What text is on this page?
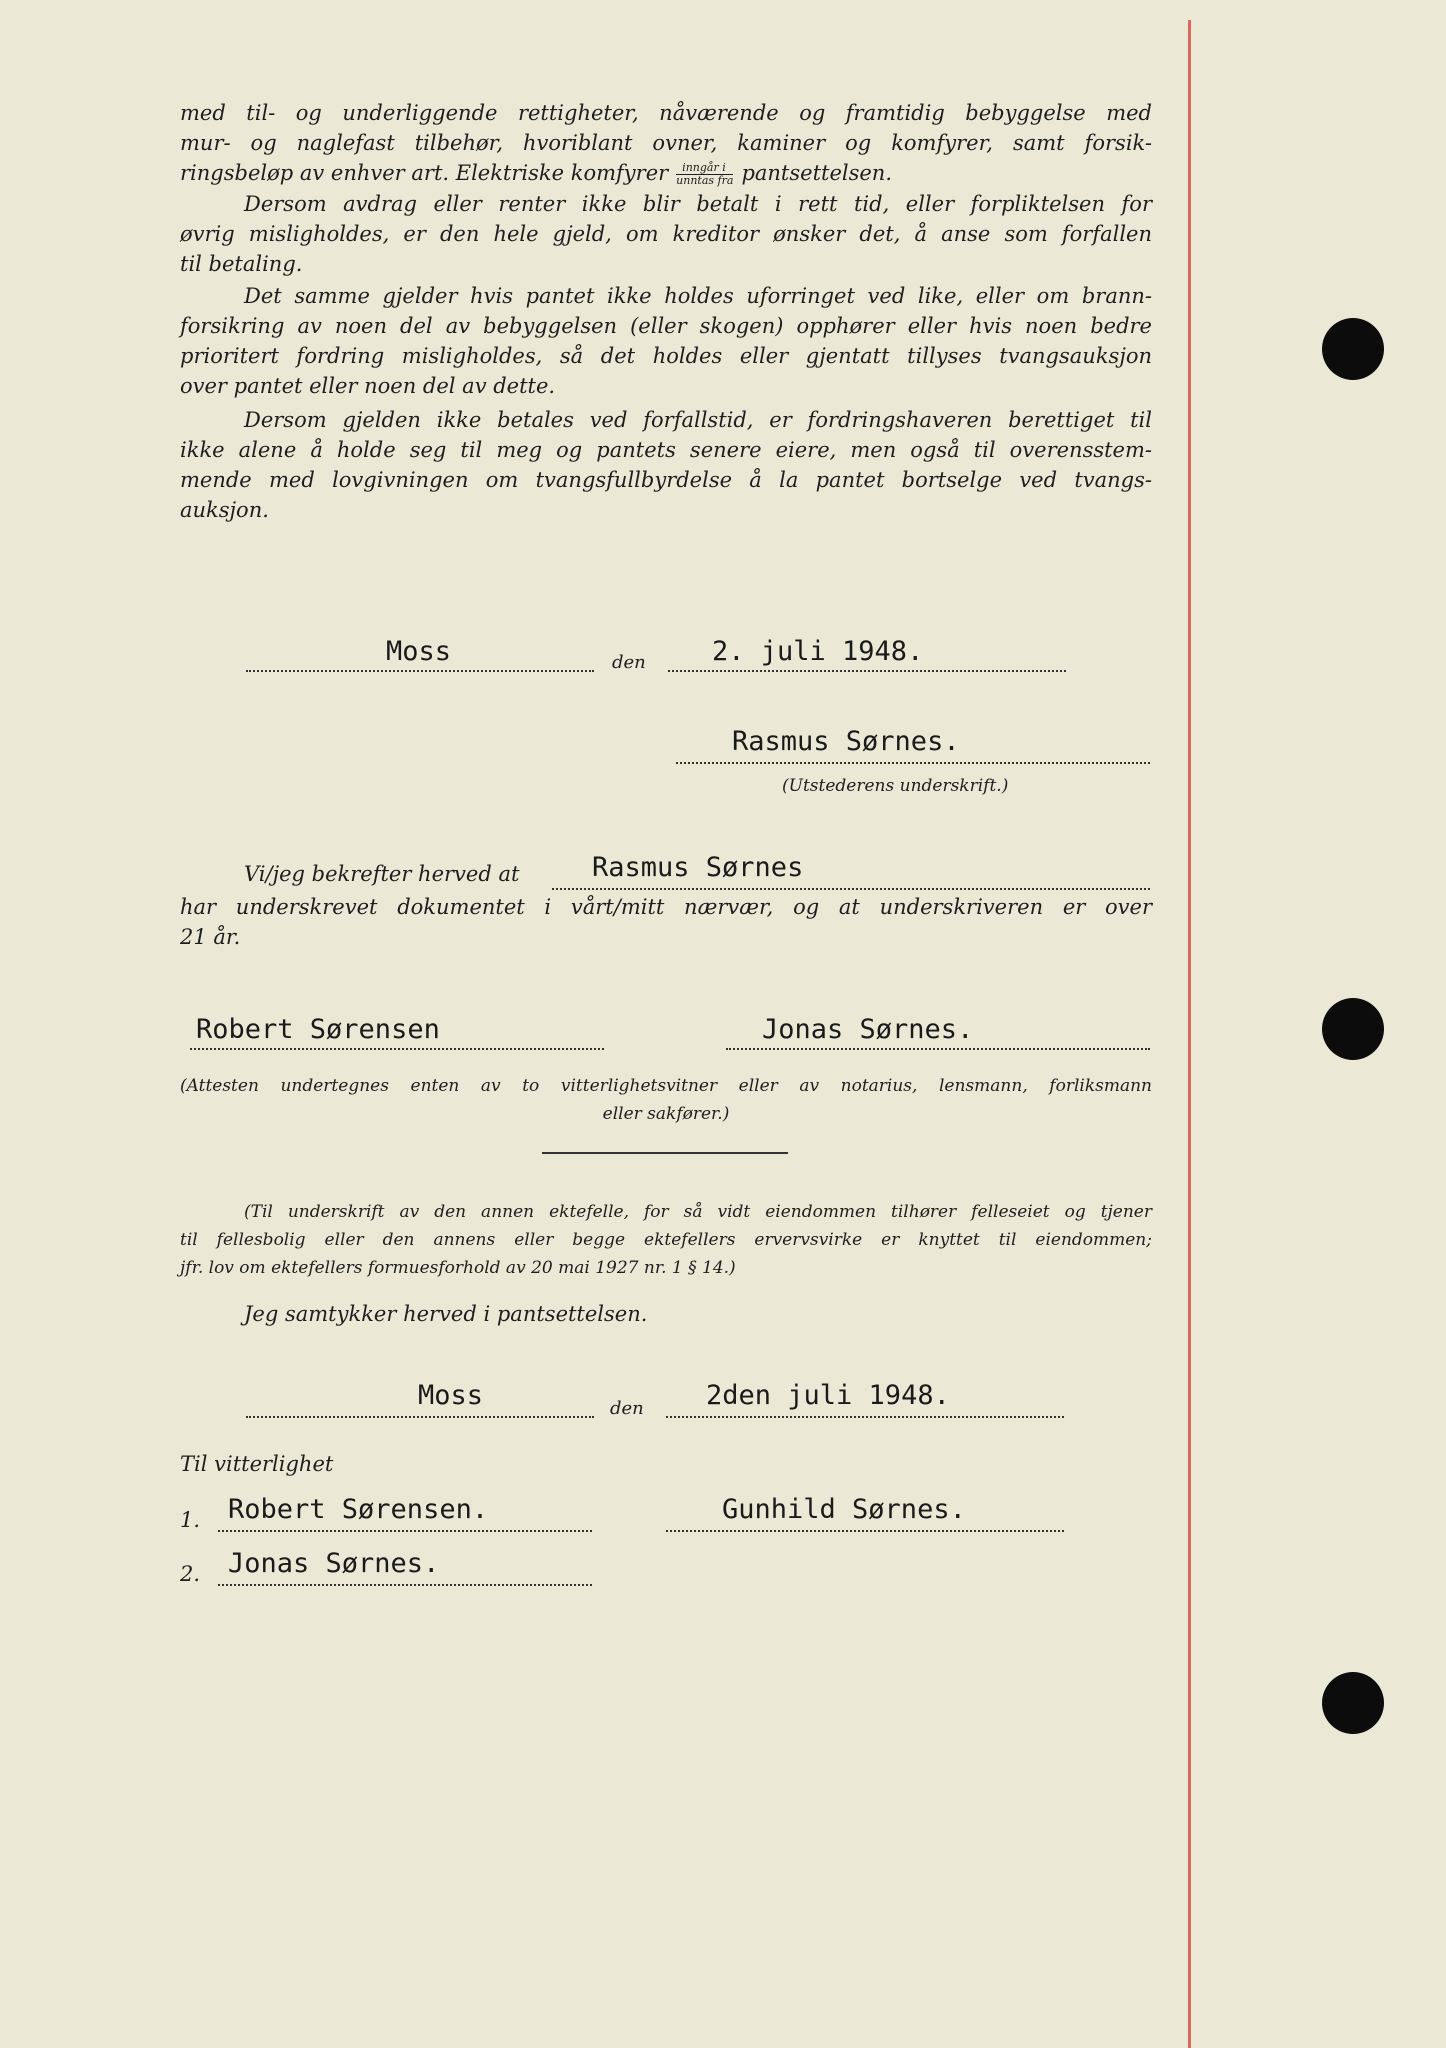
med til- og underliggende rettigheter, nåværende og framtidig bebyggelse med
mur- og naglefast tilbehør, hvoriblant ovner, kaminer og komfyrer, samt forsik-
ringsbeløp av enhver art. Elektriske komfyrer $\frac{\text{inngår i}}{\text{unntas fra}}$ pantsettelsen.
Dersom avdrag eller renter ikke blir betalt i rett tid, eller forpliktelsen for
øvrig misligholdes, er den hele gjeld, om kreditor ønsker det, å anse som forfallen
til betaling.
Det samme gjelder hvis pantet ikke holdes uforringet ved like, eller om brann-
forsikring av noen del av bebyggelsen (eller skogen) opphører eller hvis noen bedre
prioritert fordring misligholdes, så det holdes eller gjentatt tillyses tvangsauksjon
over pantet eller noen del av dette.
Dersom gjelden ikke betales ved forfallstid, er fordringshaveren berettiget til
ikke alene å holde seg til meg og pantets senere eiere, men også til overensstem-
mende med lovgivningen om tvangsfullbyrdelse å la pantet bortselge ved tvangs-
auksjon.
Moss	den 2. juli 1948.
Rasmus Sørnes.
(Utstederens underskrift.)
Vi/jeg bekrefter herved at	Rasmus Sørnes
har underskrevet dokumentet i vårt/mitt nærvær, og at underskriveren er over
21 år.
Robert Sørensen	Jonas Sørnes.
(Attesten undertegnes enten av to vitterlighetsvitner eller av notarius, lensmann, forliksmann
eller sakfører.)
(Til underskrift av den annen ektefelle, for så vidt eiendommen tilhører felleseiet og tjener
til fellesbolig eller den annens eller begge ektefellers ervervsvirke er knyttet til eiendommen;
jfr. lov om ektefellers formuesforhold av 20 mai 1927 nr. 1 § 14.)
Jeg samtykker herved i pantsettelsen.
Moss	den 2den juli 1948.
Til vitterlighet
1. Robert Sørensen.	Gunhild Sørnes.
2. Jonas Sørnes.
